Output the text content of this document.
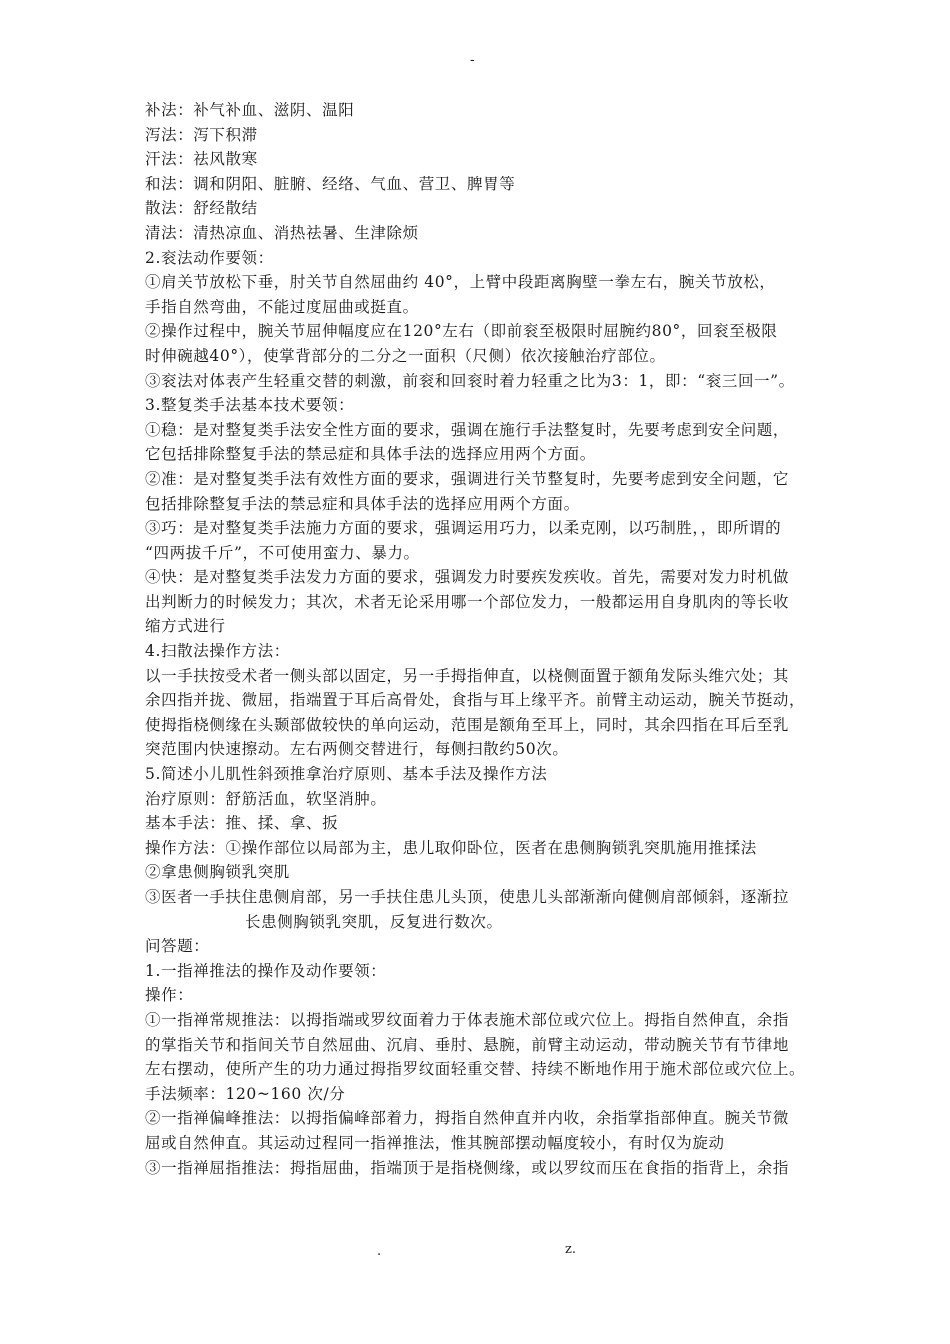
-
补法：补气补血、滋阴、温阳
泻法：泻下积滞
汗法：祛风散寒
和法：调和阴阳、脏腑、经络、气血、营卫、脾胃等
散法：舒经散结
清法：清热凉血、消热祛暑、生津除烦
2.衮法动作要领：
①肩关节放松下垂，肘关节自然屈曲约 40°，上臂中段距离胸壁一拳左右，腕关节放松，
手指自然弯曲，不能过度屈曲或挺直。
②操作过程中，腕关节屈伸幅度应在120°左右（即前衮至极限时屈腕约80°，回衮至极限
时伸碗越40°），使掌背部分的二分之一面积（尺侧）依次接触治疗部位。
③衮法对体表产生轻重交替的刺激，前衮和回衮时着力轻重之比为3：1，即：“衮三回一”。
3.整复类手法基本技术要领：
①稳：是对整复类手法安全性方面的要求，强调在施行手法整复时，先要考虑到安全问题，
它包括排除整复手法的禁忌症和具体手法的选择应用两个方面。
②准：是对整复类手法有效性方面的要求，强调进行关节整复时，先要考虑到安全问题，它
包括排除整复手法的禁忌症和具体手法的选择应用两个方面。
③巧：是对整复类手法施力方面的要求，强调运用巧力，以柔克刚，以巧制胜，，即所谓的
“四两拔千斤”，不可使用蛮力、暴力。
④快：是对整复类手法发力方面的要求，强调发力时要疾发疾收。首先，需要对发力时机做
出判断力的时候发力；其次，术者无论采用哪一个部位发力，一般都运用自身肌肉的等长收
缩方式进行
4.扫散法操作方法：
以一手扶按受术者一侧头部以固定，另一手拇指伸直，以桡侧面置于额角发际头维穴处；其
余四指并拢、微屈，指端置于耳后高骨处，食指与耳上缘平齐。前臂主动运动，腕关节挺动，
使拇指桡侧缘在头颞部做较快的单向运动，范围是额角至耳上，同时，其余四指在耳后至乳
突范围内快速擦动。左右两侧交替进行，每侧扫散约50次。
5.简述小儿肌性斜颈推拿治疗原则、基本手法及操作方法
治疗原则：舒筋活血，软坚消肿。
基本手法：推、揉、拿、扳
操作方法：①操作部位以局部为主，患儿取仰卧位，医者在患侧胸锁乳突肌施用推揉法
②拿患侧胸锁乳突肌
③医者一手扶住患侧肩部，另一手扶住患儿头顶，使患儿头部渐渐向健侧肩部倾斜，逐渐拉
长患侧胸锁乳突肌，反复进行数次。
问答题：
1.一指禅推法的操作及动作要领：
操作：
①一指禅常规推法：以拇指端或罗纹面着力于体表施术部位或穴位上。拇指自然伸直，余指
的掌指关节和指间关节自然屈曲、沉肩、垂肘、悬腕，前臂主动运动，带动腕关节有节律地
左右摆动，使所产生的功力通过拇指罗纹面轻重交替、持续不断地作用于施术部位或穴位上。
手法频率：120~160 次/分
②一指禅偏峰推法：以拇指偏峰部着力，拇指自然伸直并内收，余指掌指部伸直。腕关节微
屈或自然伸直。其运动过程同一指禅推法，惟其腕部摆动幅度较小，有时仅为旋动
③一指禅屈指推法：拇指屈曲，指端顶于是指桡侧缘，或以罗纹而压在食指的指背上，余指
.	z.
